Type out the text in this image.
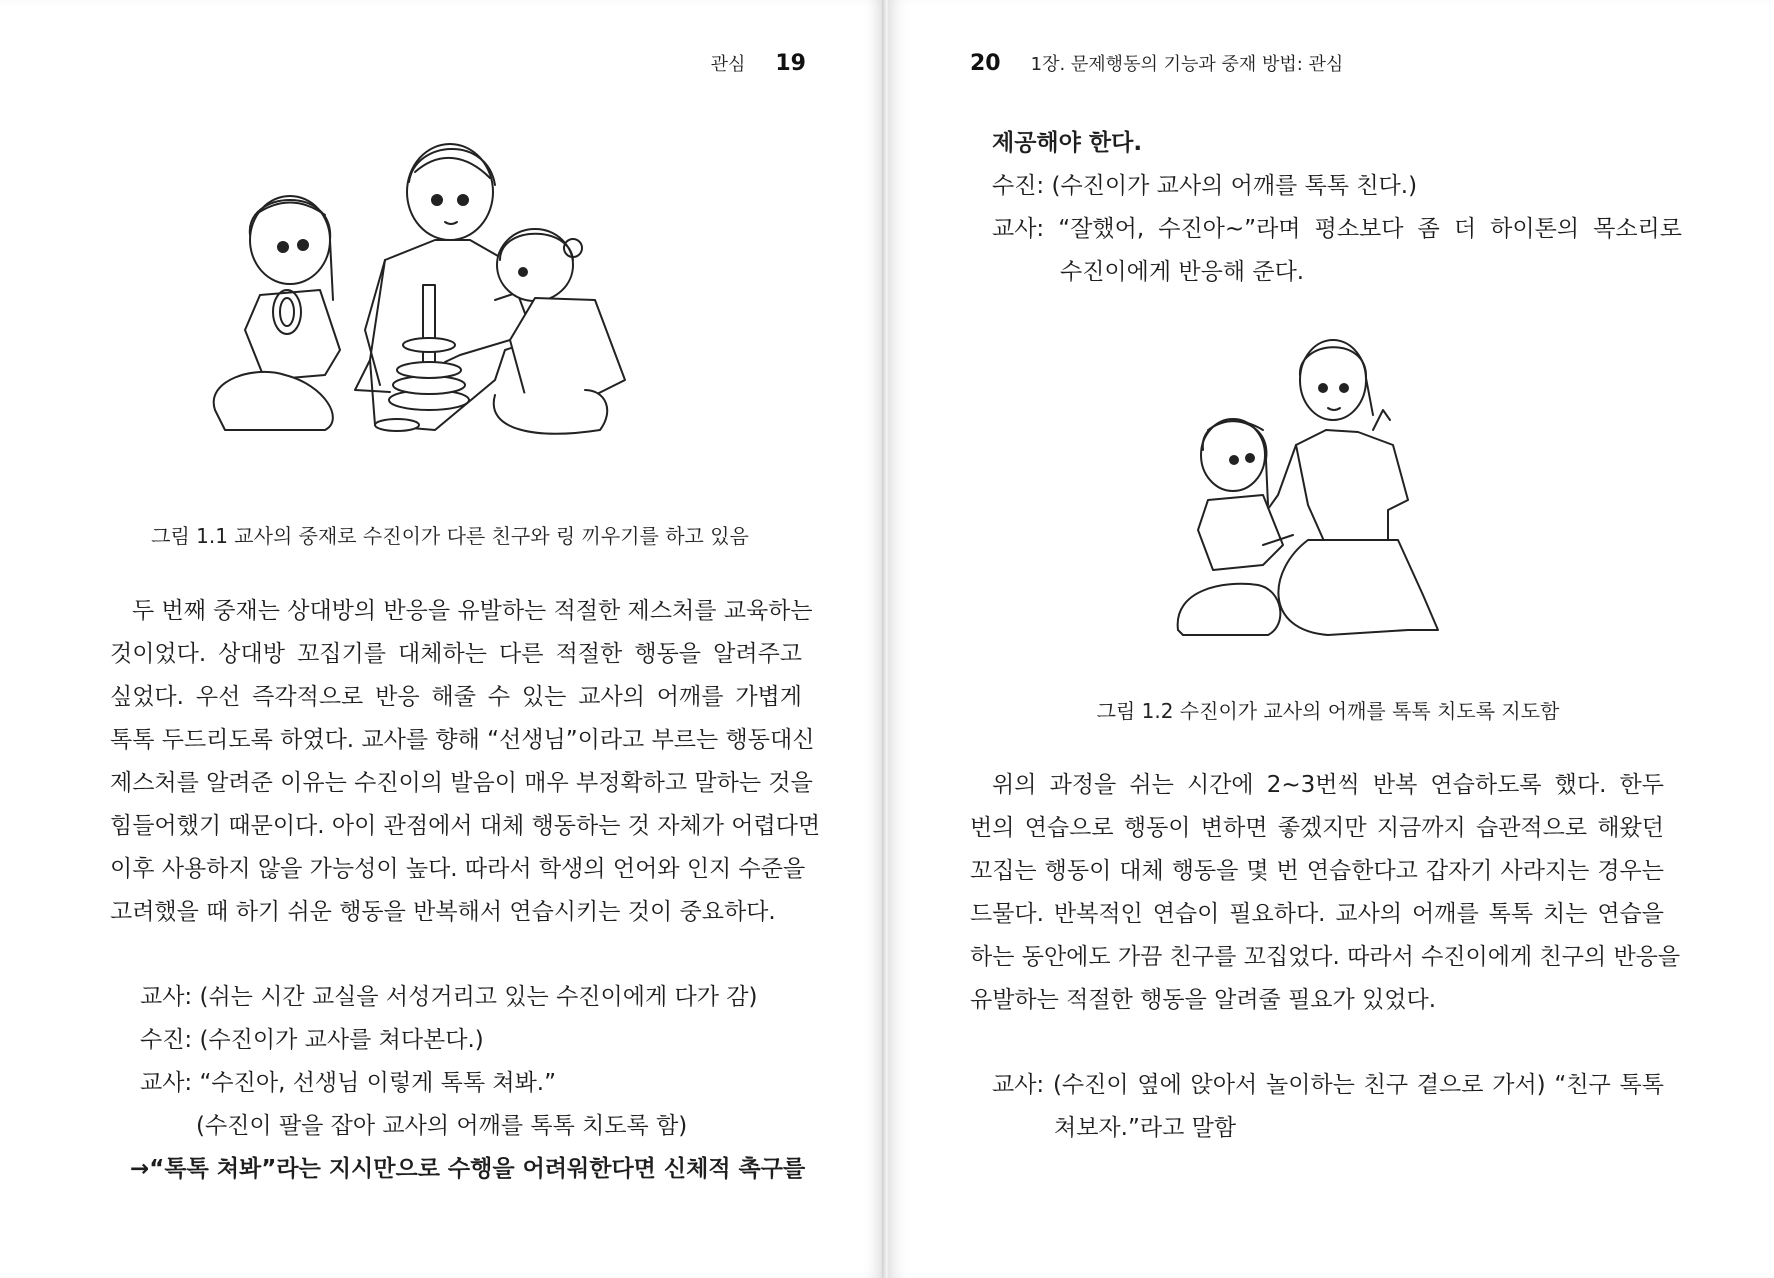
관심 19
그림 1.1 교사의 중재로 수진이가 다른 친구와 링 끼우기를 하고 있음
두 번째 중재는 상대방의 반응을 유발하는 적절한 제스처를 교육하는
것이었다. 상대방 꼬집기를 대체하는 다른 적절한 행동을 알려주고
싶었다. 우선 즉각적으로 반응 해줄 수 있는 교사의 어깨를 가볍게
톡톡 두드리도록 하였다. 교사를 향해 “선생님”이라고 부르는 행동대신
제스처를 알려준 이유는 수진이의 발음이 매우 부정확하고 말하는 것을
힘들어했기 때문이다. 아이 관점에서 대체 행동하는 것 자체가 어렵다면
이후 사용하지 않을 가능성이 높다. 따라서 학생의 언어와 인지 수준을
고려했을 때 하기 쉬운 행동을 반복해서 연습시키는 것이 중요하다.
교사: (쉬는 시간 교실을 서성거리고 있는 수진이에게 다가 감)
수진: (수진이가 교사를 쳐다본다.)
교사: “수진아, 선생님 이렇게 톡톡 쳐봐.”
(수진이 팔을 잡아 교사의 어깨를 톡톡 치도록 함)
→“톡톡 쳐봐”라는 지시만으로 수행을 어려워한다면 신체적 촉구를
20 1장. 문제행동의 기능과 중재 방법: 관심
제공해야 한다.
수진: (수진이가 교사의 어깨를 톡톡 친다.)
교사: “잘했어, 수진아~”라며 평소보다 좀 더 하이톤의 목소리로
수진이에게 반응해 준다.
그림 1.2 수진이가 교사의 어깨를 톡톡 치도록 지도함
위의 과정을 쉬는 시간에 2~3번씩 반복 연습하도록 했다. 한두
번의 연습으로 행동이 변하면 좋겠지만 지금까지 습관적으로 해왔던
꼬집는 행동이 대체 행동을 몇 번 연습한다고 갑자기 사라지는 경우는
드물다. 반복적인 연습이 필요하다. 교사의 어깨를 톡톡 치는 연습을
하는 동안에도 가끔 친구를 꼬집었다. 따라서 수진이에게 친구의 반응을
유발하는 적절한 행동을 알려줄 필요가 있었다.
교사: (수진이 옆에 앉아서 놀이하는 친구 곁으로 가서) “친구 톡톡
쳐보자.”라고 말함
